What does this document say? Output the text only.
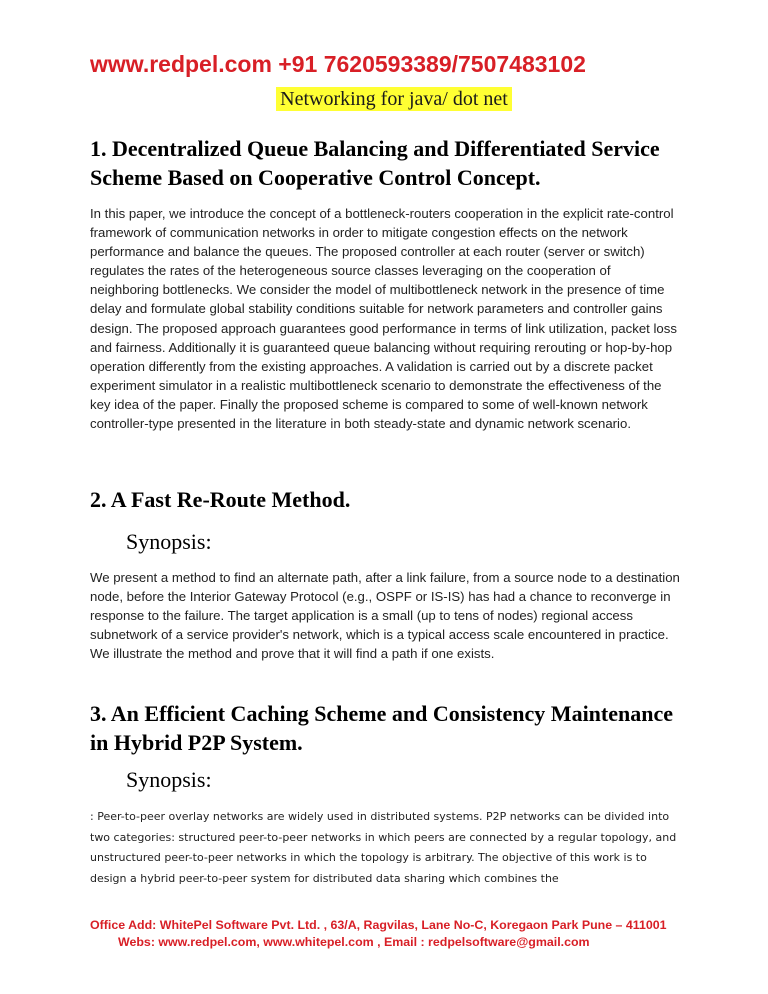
www.redpel.com +91 7620593389/7507483102
Networking for java/ dot net
1. Decentralized Queue Balancing and Differentiated Service Scheme Based on Cooperative Control Concept.
In this paper, we introduce the concept of a bottleneck-routers cooperation in the explicit rate-control framework of communication networks in order to mitigate congestion effects on the network performance and balance the queues. The proposed controller at each router (server or switch) regulates the rates of the heterogeneous source classes leveraging on the cooperation of neighboring bottlenecks. We consider the model of multibottleneck network in the presence of time delay and formulate global stability conditions suitable for network parameters and controller gains design. The proposed approach guarantees good performance in terms of link utilization, packet loss and fairness. Additionally it is guaranteed queue balancing without requiring rerouting or hop-by-hop operation differently from the existing approaches. A validation is carried out by a discrete packet experiment simulator in a realistic multibottleneck scenario to demonstrate the effectiveness of the key idea of the paper. Finally the proposed scheme is compared to some of well-known network controller-type presented in the literature in both steady-state and dynamic network scenario.
2. A Fast Re-Route Method.
Synopsis:
We present a method to find an alternate path, after a link failure, from a source node to a destination node, before the Interior Gateway Protocol (e.g., OSPF or IS-IS) has had a chance to reconverge in response to the failure. The target application is a small (up to tens of nodes) regional access subnetwork of a service provider's network, which is a typical access scale encountered in practice. We illustrate the method and prove that it will find a path if one exists.
3. An Efficient Caching Scheme and Consistency Maintenance in Hybrid P2P System.
Synopsis:
: Peer-to-peer overlay networks are widely used in distributed systems. P2P networks can be divided into two categories: structured peer-to-peer networks in which peers are connected by a regular topology, and unstructured peer-to-peer networks in which the topology is arbitrary. The objective of this work is to design a hybrid peer-to-peer system for distributed data sharing which combines the
Office Add: WhitePel Software Pvt. Ltd. , 63/A, Ragvilas, Lane No-C, Koregaon Park Pune – 411001
Webs: www.redpel.com, www.whitepel.com , Email : redpelsoftware@gmail.com
